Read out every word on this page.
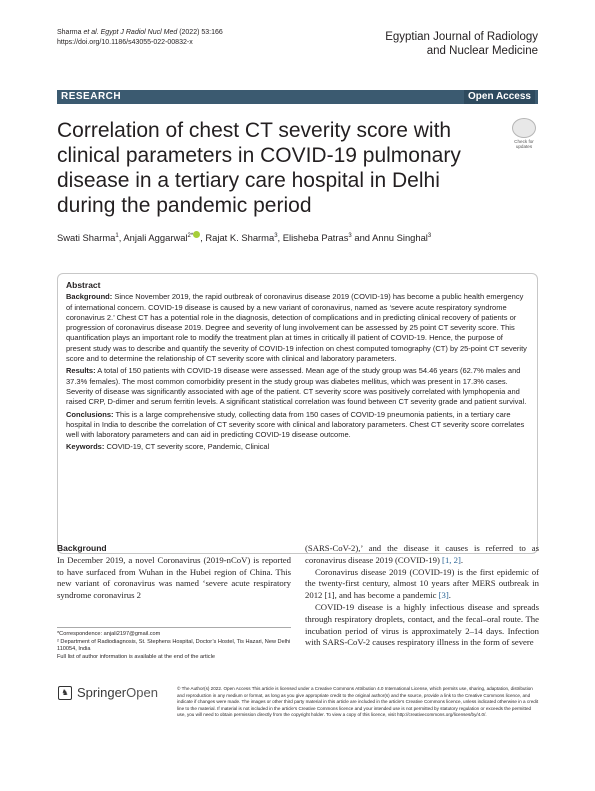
Sharma et al. Egypt J Radiol Nucl Med (2022) 53:166
https://doi.org/10.1186/s43055-022-00832-x	Egyptian Journal of Radiology
and Nuclear Medicine
RESEARCH	Open Access
Correlation of chest CT severity score with clinical parameters in COVID-19 pulmonary disease in a tertiary care hospital in Delhi during the pandemic period
Check for
updates
Swati Sharma$^1$, Anjali Aggarwal$^{2*}$ , Rajat K. Sharma$^3$, Elisheba Patras$^3$ and Annu Singhal$^3$
Abstract
Background: Since November 2019, the rapid outbreak of coronavirus disease 2019 (COVID-19) has become a public health emergency of international concern. COVID-19 disease is caused by a new variant of coronavirus, named as ‘severe acute respiratory syndrome coronavirus 2.’ Chest CT has a potential role in the diagnosis, detection of complications and in predicting clinical recovery of patients or progression of coronavirus disease 2019. Degree and severity of lung involvement can be assessed by 25 point CT severity score. This quantification plays an important role to modify the treatment plan at times in critically ill patient of COVID-19. Hence, the purpose of present study was to describe and quantify the severity of COVID-19 infection on chest computed tomography (CT) by 25-point CT severity score and to determine the relationship of CT severity score with clinical and laboratory parameters.
Results: A total of 150 patients with COVID-19 disease were assessed. Mean age of the study group was 54.46 years (62.7% males and 37.3% females). The most common comorbidity present in the study group was diabetes mellitus, which was present in 17.3% cases. Severity of disease was significantly associated with age of the patient. CT severity score was positively correlated with lymphopenia and raised CRP, D-dimer and serum ferritin levels. A significant statistical correlation was found between CT severity grade and patient survival.
Conclusions: This is a large comprehensive study, collecting data from 150 cases of COVID-19 pneumonia patients, in a tertiary care hospital in India to describe the correlation of CT severity score with clinical and laboratory parameters. Chest CT severity score correlates well with laboratory parameters and can aid in predicting COVID-19 disease outcome.
Keywords: COVID-19, CT severity score, Pandemic, Clinical
Background

In December 2019, a novel Coronavirus (2019-nCoV) is reported to have surfaced from Wuhan in the Hubei region of China. This new variant of coronavirus was named ‘severe acute respiratory syndrome coronavirus 2

(SARS-CoV-2),’ and the disease it causes is referred to as coronavirus disease 2019 (COVID-19) [1, 2].

Coronavirus disease 2019 (COVID-19) is the first epidemic of the twenty-first century, almost 10 years after MERS outbreak in 2012 [1], and has become a pandemic [3].

COVID-19 disease is a highly infectious disease and spreads through respiratory droplets, contact, and the fecal–oral route. The incubation period of virus is approximately 2–14 days. Infection with SARS-CoV-2 causes respiratory illness in the form of severe

*Correspondence: anjali2197@gmail.com
² Department of Radiodiagnosis, St. Stephens Hospital, Doctor’s Hostel, Tis Hazari, New Delhi 110054, India
Full list of author information is available at the end of the article
♞ SpringerOpen	© The Author(s) 2022. Open Access This article is licensed under a Creative Commons Attribution 4.0 International License, which permits use, sharing, adaptation, distribution and reproduction in any medium or format, as long as you give appropriate credit to the original author(s) and the source, provide a link to the Creative Commons licence, and indicate if changes were made. The images or other third party material in this article are included in the article’s Creative Commons licence, unless indicated otherwise in a credit line to the material. If material is not included in the article’s Creative Commons licence and your intended use is not permitted by statutory regulation or exceeds the permitted use, you will need to obtain permission directly from the copyright holder. To view a copy of this licence, visit http://creativecommons.org/licenses/by/4.0/.
